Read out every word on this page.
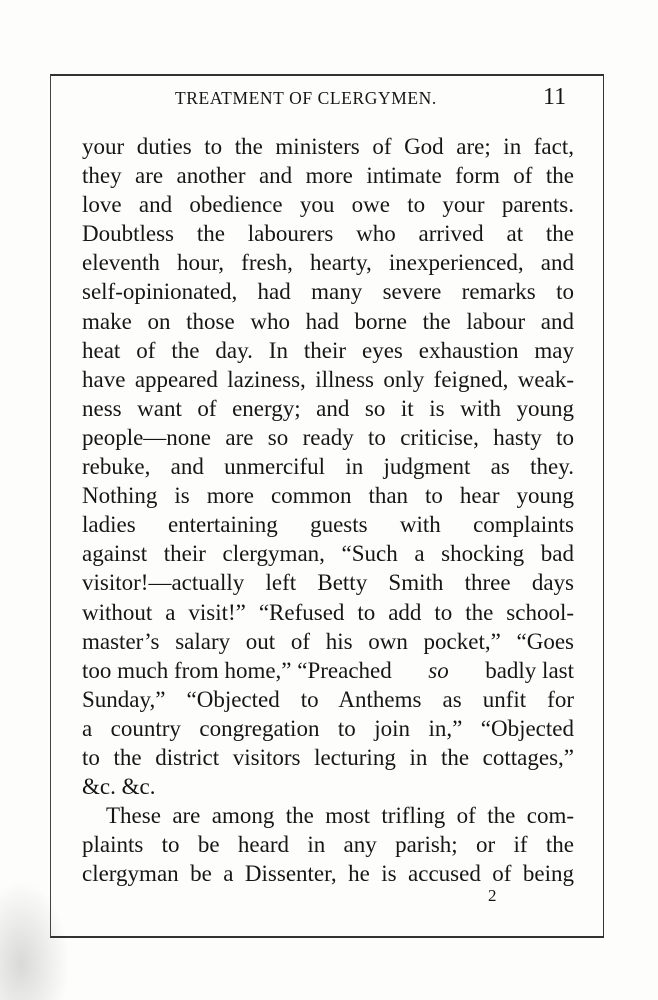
TREATMENT OF CLERGYMEN.	11
your duties to the ministers of God are; in fact,
they are another and more intimate form of the
love and obedience you owe to your parents.
Doubtless the labourers who arrived at the
eleventh hour, fresh, hearty, inexperienced, and
self-opinionated, had many severe remarks to
make on those who had borne the labour and
heat of the day. In their eyes exhaustion may
have appeared laziness, illness only feigned, weak-
ness want of energy; and so it is with young
people—none are so ready to criticise, hasty to
rebuke, and unmerciful in judgment as they.
Nothing is more common than to hear young
ladies entertaining guests with complaints
against their clergyman, “Such a shocking bad
visitor!—actually left Betty Smith three days
without a visit!” “Refused to add to the school-
master’s salary out of his own pocket,” “Goes
too much from home,” “Preached so badly last
Sunday,” “Objected to Anthems as unfit for
a country congregation to join in,” “Objected
to the district visitors lecturing in the cottages,”
&c. &c.
These are among the most trifling of the com-
plaints to be heard in any parish; or if the
clergyman be a Dissenter, he is accused of being
2
